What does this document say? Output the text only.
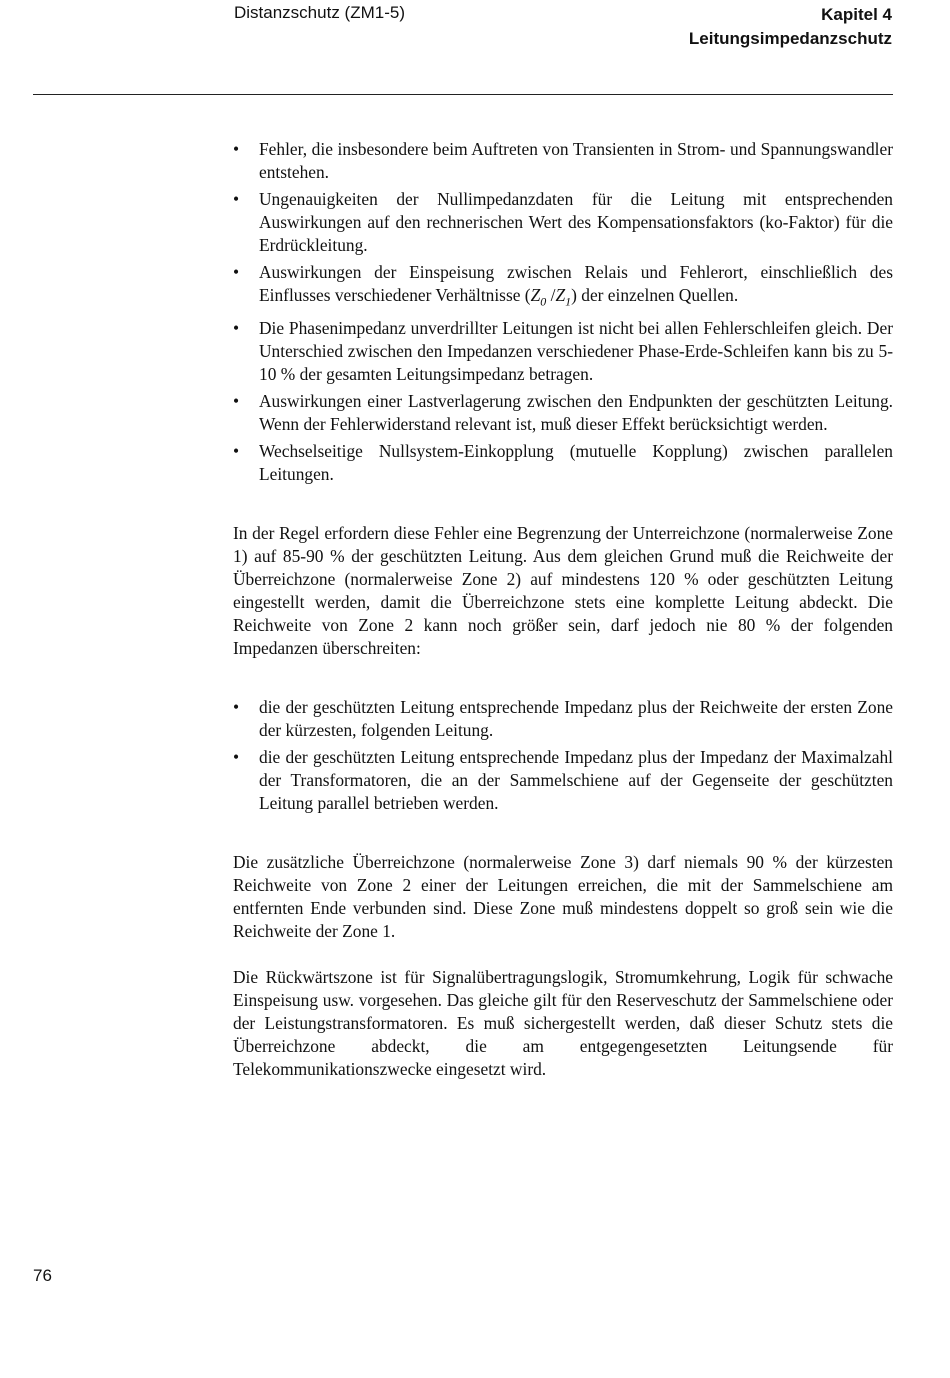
Distanzschutz (ZM1-5)	Kapitel 4
Leitungsimpedanzschutz
• Fehler, die insbesondere beim Auftreten von Transienten in Strom- und Spannungswandler entstehen.
• Ungenauigkeiten der Nullimpedanzdaten für die Leitung mit entsprechenden Auswirkungen auf den rechnerischen Wert des Kompensationsfaktors (ko-Faktor) für die Erdrückleitung.
• Auswirkungen der Einspeisung zwischen Relais und Fehlerort, einschließlich des Einflusses verschiedener Verhältnisse ($Z_0$ $/Z_1$) der einzelnen Quellen.
• Die Phasenimpedanz unverdrillter Leitungen ist nicht bei allen Fehlerschleifen gleich. Der Unterschied zwischen den Impedanzen verschiedener Phase-Erde-Schleifen kann bis zu 5-10 % der gesamten Leitungsimpedanz betragen.
• Auswirkungen einer Lastverlagerung zwischen den Endpunkten der geschützten Leitung. Wenn der Fehlerwiderstand relevant ist, muß dieser Effekt berücksichtigt werden.
• Wechselseitige Nullsystem-Einkopplung (mutuelle Kopplung) zwischen parallelen Leitungen.

In der Regel erfordern diese Fehler eine Begrenzung der Unterreichzone (normalerweise Zone 1) auf 85-90 % der geschützten Leitung. Aus dem gleichen Grund muß die Reichweite der Überreichzone (normalerweise Zone 2) auf mindestens 120 % oder geschützten Leitung eingestellt werden, damit die Überreichzone stets eine komplette Leitung abdeckt. Die Reichweite von Zone 2 kann noch größer sein, darf jedoch nie 80 % der folgenden Impedanzen überschreiten:

• die der geschützten Leitung entsprechende Impedanz plus der Reichweite der ersten Zone der kürzesten, folgenden Leitung.
• die der geschützten Leitung entsprechende Impedanz plus der Impedanz der Maximalzahl der Transformatoren, die an der Sammelschiene auf der Gegenseite der geschützten Leitung parallel betrieben werden.

Die zusätzliche Überreichzone (normalerweise Zone 3) darf niemals 90 % der kürzesten Reichweite von Zone 2 einer der Leitungen erreichen, die mit der Sammelschiene am entfernten Ende verbunden sind. Diese Zone muß mindestens doppelt so groß sein wie die Reichweite der Zone 1.

Die Rückwärtszone ist für Signalübertragungslogik, Stromumkehrung, Logik für schwache Einspeisung usw. vorgesehen. Das gleiche gilt für den Reserveschutz der Sammelschiene oder der Leistungstransformatoren. Es muß sichergestellt werden, daß dieser Schutz stets die Überreichzone abdeckt, die am entgegengesetzten Leitungsende für Telekommunikationszwecke eingesetzt wird.

76
